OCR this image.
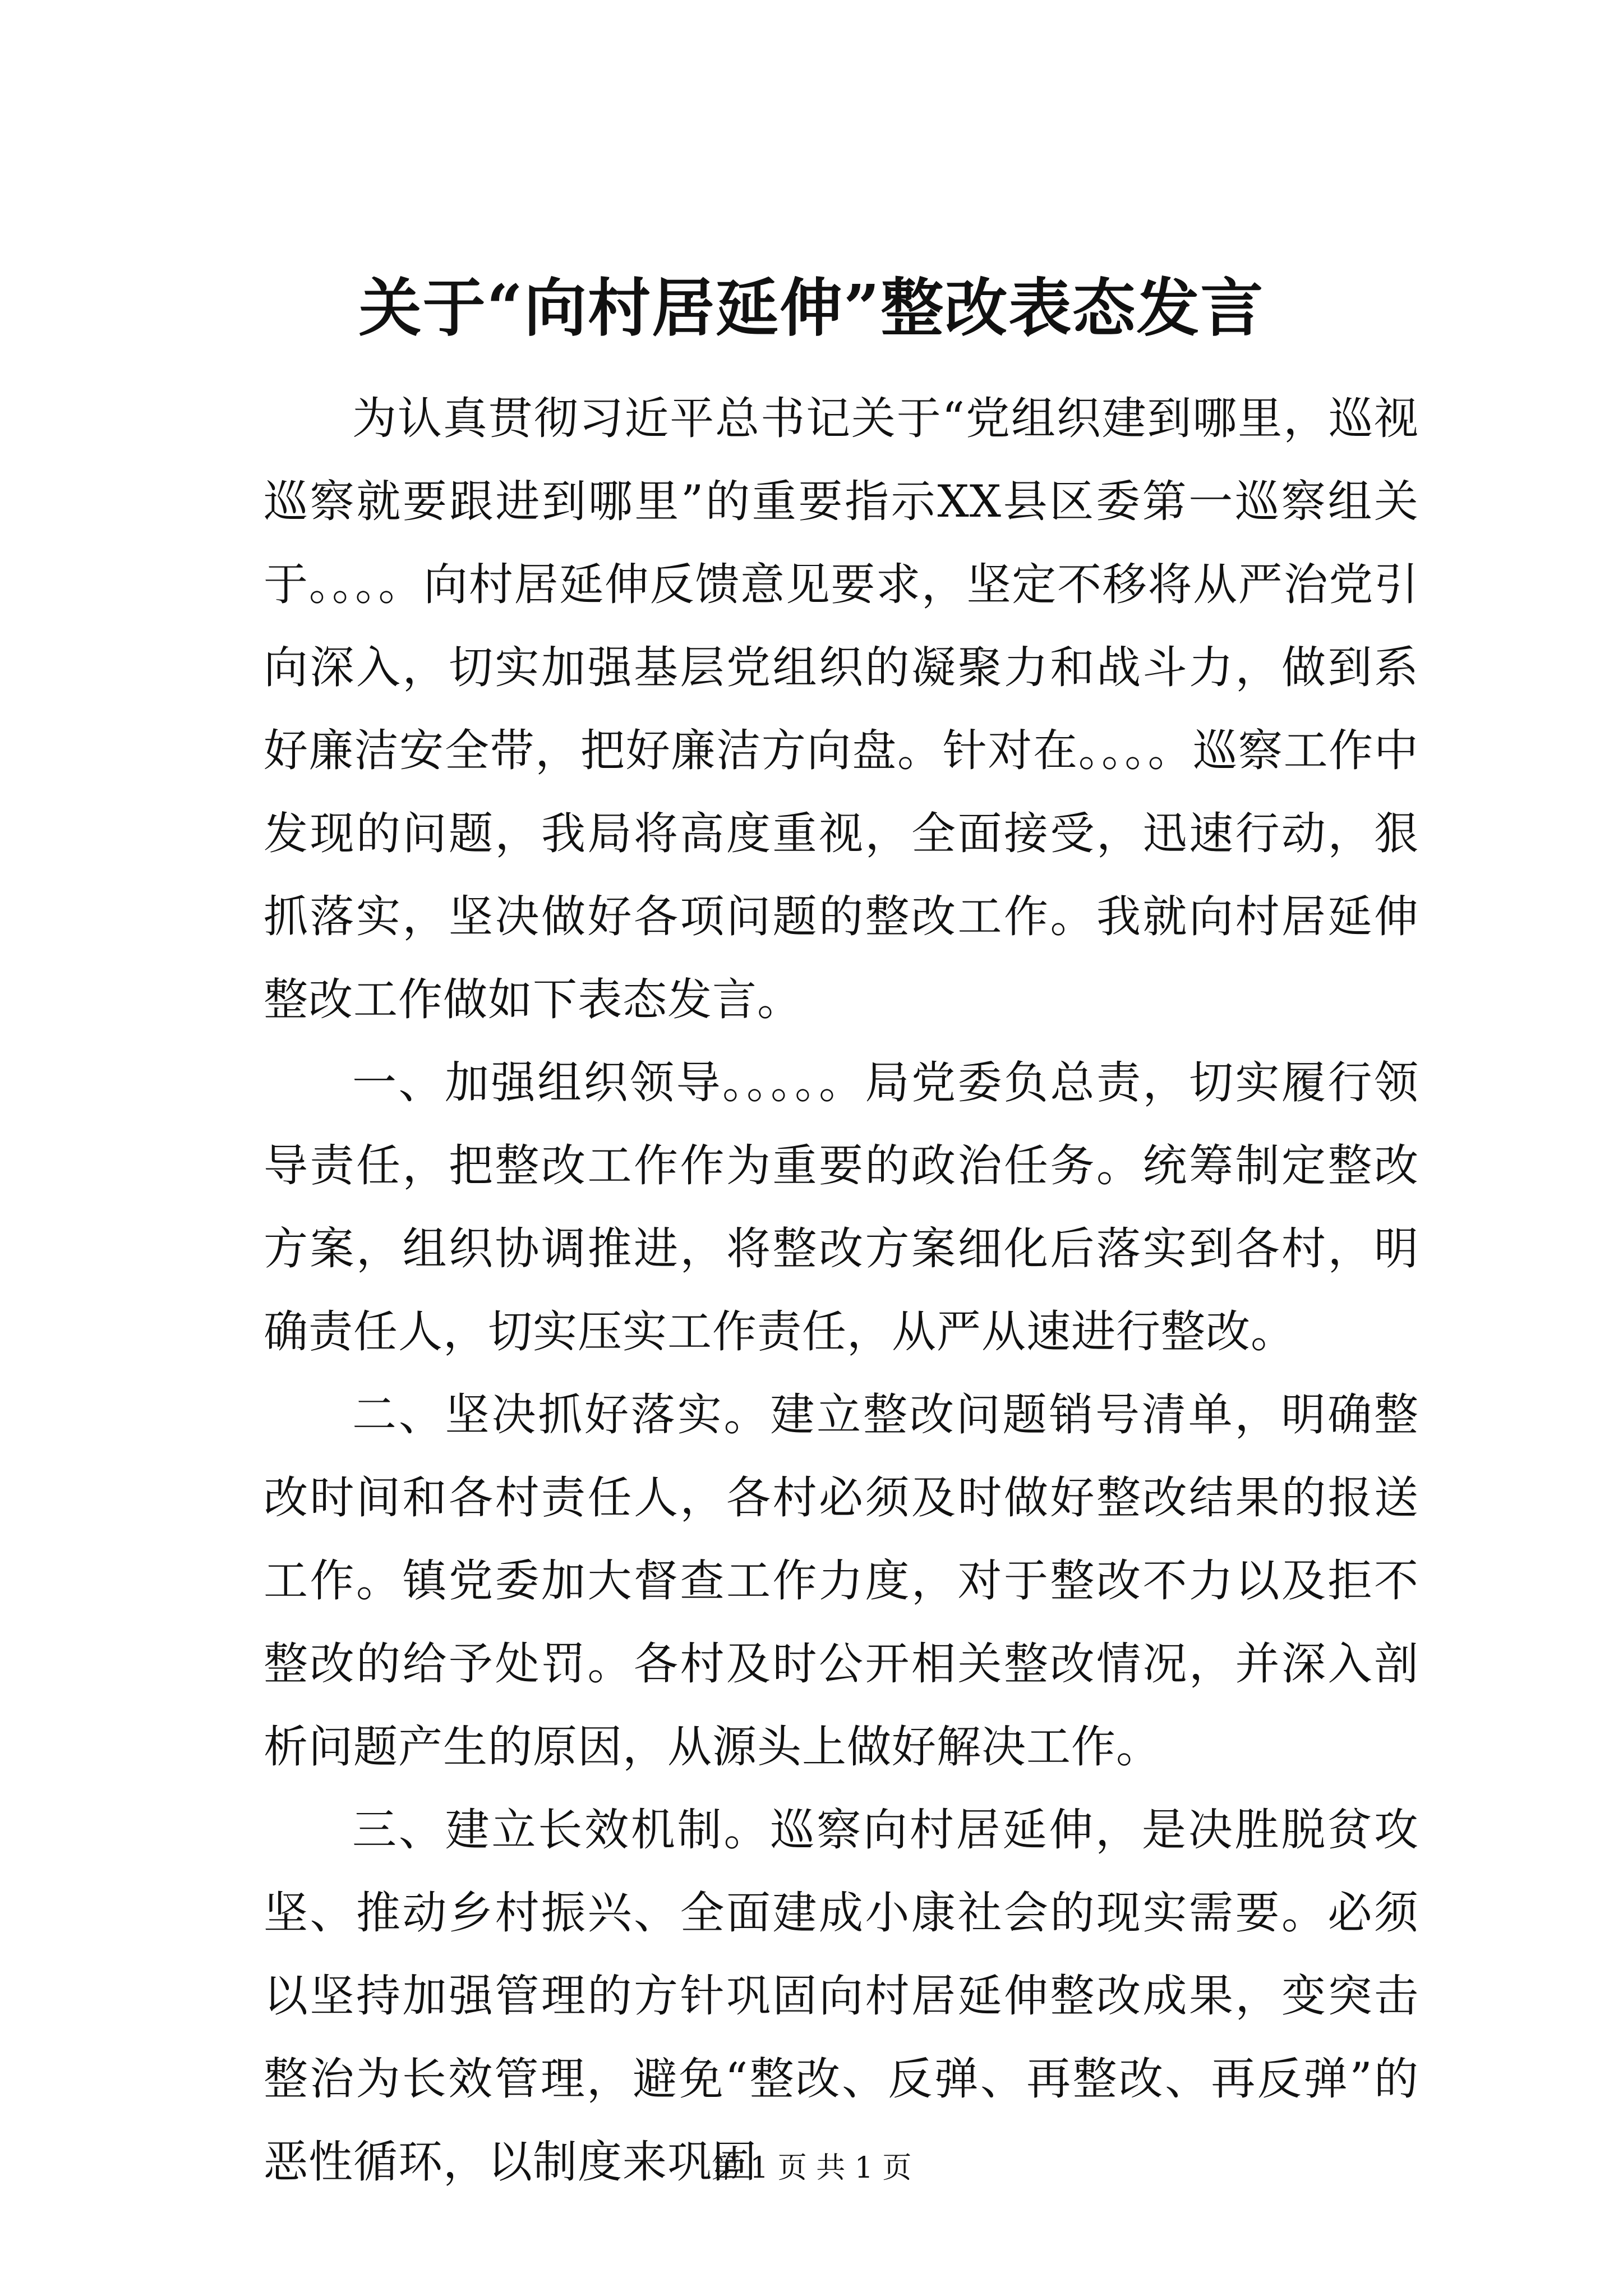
关于“向村居延伸”整改表态发言

为认真贯彻习近平总书记关于“党组织建到哪里，巡视巡察就要跟进到哪里”的重要指示XX县区委第一巡察组关于。。。。向村居延伸反馈意见要求，坚定不移将从严治党引向深入，切实加强基层党组织的凝聚力和战斗力，做到系好廉洁安全带，把好廉洁方向盘。针对在。。。。巡察工作中发现的问题，我局将高度重视，全面接受，迅速行动，狠抓落实，坚决做好各项问题的整改工作。我就向村居延伸整改工作做如下表态发言。

一、加强组织领导。。。。。局党委负总责，切实履行领导责任，把整改工作作为重要的政治任务。统筹制定整改方案，组织协调推进，将整改方案细化后落实到各村，明确责任人，切实压实工作责任，从严从速进行整改。

二、坚决抓好落实。建立整改问题销号清单，明确整改时间和各村责任人，各村必须及时做好整改结果的报送工作。镇党委加大督查工作力度，对于整改不力以及拒不整改的给予处罚。各村及时公开相关整改情况，并深入剖析问题产生的原因，从源头上做好解决工作。

三、建立长效机制。巡察向村居延伸，是决胜脱贫攻坚、推动乡村振兴、全面建成小康社会的现实需要。必须以坚持加强管理的方针巩固向村居延伸整改成果，变突击整治为长效管理，避免“整改、反弹、再整改、再反弹”的恶性循环，以制度来巩固

第 1 页 共 1 页
